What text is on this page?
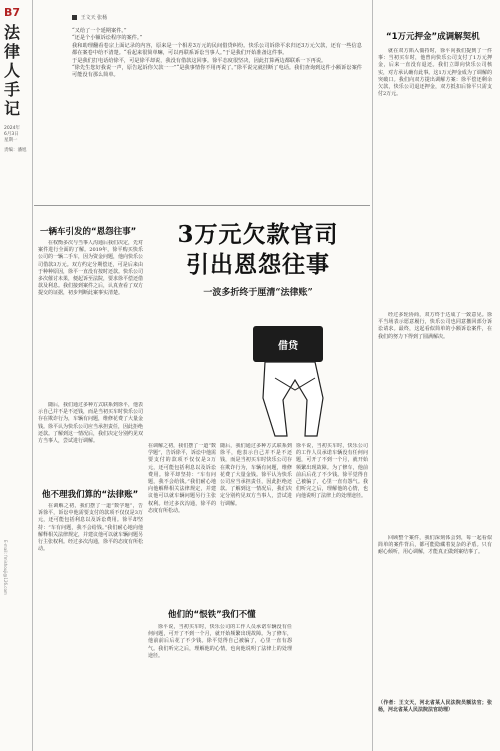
B7
法律人手记
2024年
6月3日
星期一
责编：潘旭
E-mail: fmishouji@126.com
王文天 张杨
“又给了一个延期案件。”
“还是个小额诉讼程序的案件。”
我和助理翻看卷宗上面记录的内容，原来是一个相差3万元的民间借贷纠纷。快乐公司诉徐平求归还3万元欠款，还有一些信息都在案卷中给不清楚。“看起来很简单嘛，可以再联系诉讼当事人。”于是我们开始准备这件事。
于是我们打电话给徐平，可是徐平却说，我没有借款这回事。徐平态度很坚决，因此打算两边都联系一下再说。
“徐先生您好我说一声，原告起诉你欠款一一”“是我事情你不用再说了。”徐平说完就挂断了电话。我们查询到这件小额诉讼案件可能没有那么简单。
一辆车引发的“恩怨往事”
在权衡多次与当事人沟通后我们决定，先对案件进行全面的了解。2019年，徐平购买快乐公司的一辆二手车，因为资金问题，他向快乐公司借款3万元。双方约定分期偿还，可是后来由于种种原因，徐平一直没有按时还款。快乐公司多次催讨未果，便起诉至法院，要求徐平偿还借款及利息。我们接到案件之后，认真查看了双方提交的证据，初步判断此案事实清楚。
随后，我们通过多种方式联系到徐平，他表示自己并不是不还钱，而是当初买车时快乐公司存在欺诈行为，车辆有问题，维修花费了大量金钱。徐平认为快乐公司应当承担责任，因此拒绝还款。了解到这一情况后，我们决定分别约见双方当事人，尝试进行调解。
他不理我们算的“法律账”
在调解之初，我们摆了一道“数学题”，告诉徐平，诉讼中他需要支付的款项不仅仅是3万元，还可能包括利息以及诉讼费用。徐平却坚持：“车有问题，我不会给钱。”我们耐心地向他解释相关法律规定，并建议他可以就车辆问题另行主张权利。经过多次沟通，徐平的态度有所松动。
3万元欠款官司
引出恩怨往事
一波多折终于厘清“法律账”
借贷
在调解之初，我们摆了一道“数学题”，告诉徐平，诉讼中他需要支付的款项不仅仅是3万元，还可能包括利息以及诉讼费用。徐平却坚持：“车有问题，我不会给钱。”我们耐心地向他解释相关法律规定，并建议他可以就车辆问题另行主张权利。经过多次沟通，徐平的态度有所松动。
随后，我们通过多种方式联系到徐平，他表示自己并不是不还钱，而是当初买车时快乐公司存在欺诈行为，车辆有问题，维修花费了大量金钱。徐平认为快乐公司应当承担责任，因此拒绝还款。了解到这一情况后，我们决定分别约见双方当事人，尝试进行调解。
徐平说，当初买车时，快乐公司的工作人员承诺车辆没有任何问题，可开了不到一个月，就开始频繁出现故障。为了修车，他前前后后花了不少钱。徐平觉得自己被骗了，心里一直有怨气。我们听完之后，理解他的心情，也向他说明了法律上的处理途径。
他们的“恨铁”我们不懂
徐平说，当初买车时，快乐公司的工作人员承诺车辆没有任何问题，可开了不到一个月，就开始频繁出现故障。为了修车，他前前后后花了不少钱。徐平觉得自己被骗了，心里一直有怨气。我们听完之后，理解他的心情，也向他说明了法律上的处理途径。
“1万元押金”成调解契机
就在双方陷入僵持时，徐平向我们提到了一件事：当初买车时，他曾向快乐公司支付了1万元押金，后来一直没有退还。我们立即向快乐公司核实，对方承认确有此事。这1万元押金成为了调解的突破口。我们向双方提出调解方案：徐平偿还剩余欠款，快乐公司退还押金，双方抵扣后徐平只需支付2万元。
经过多轮协商，双方终于达成了一致意见。徐平当场表示愿意履行，快乐公司也同意撤回部分诉讼请求。最终，这起看似简单的小额诉讼案件，在我们的努力下得到了圆满解决。
回顾整个案件，我们深刻体会到，每一起看似简单的案件背后，都可能隐藏着复杂的矛盾。只有耐心倾听，用心调解，才能真正做到案结事了。
（作者：王文天，河北省某人民法院员额法官；张杨，河北省某人民法院法官助理）
